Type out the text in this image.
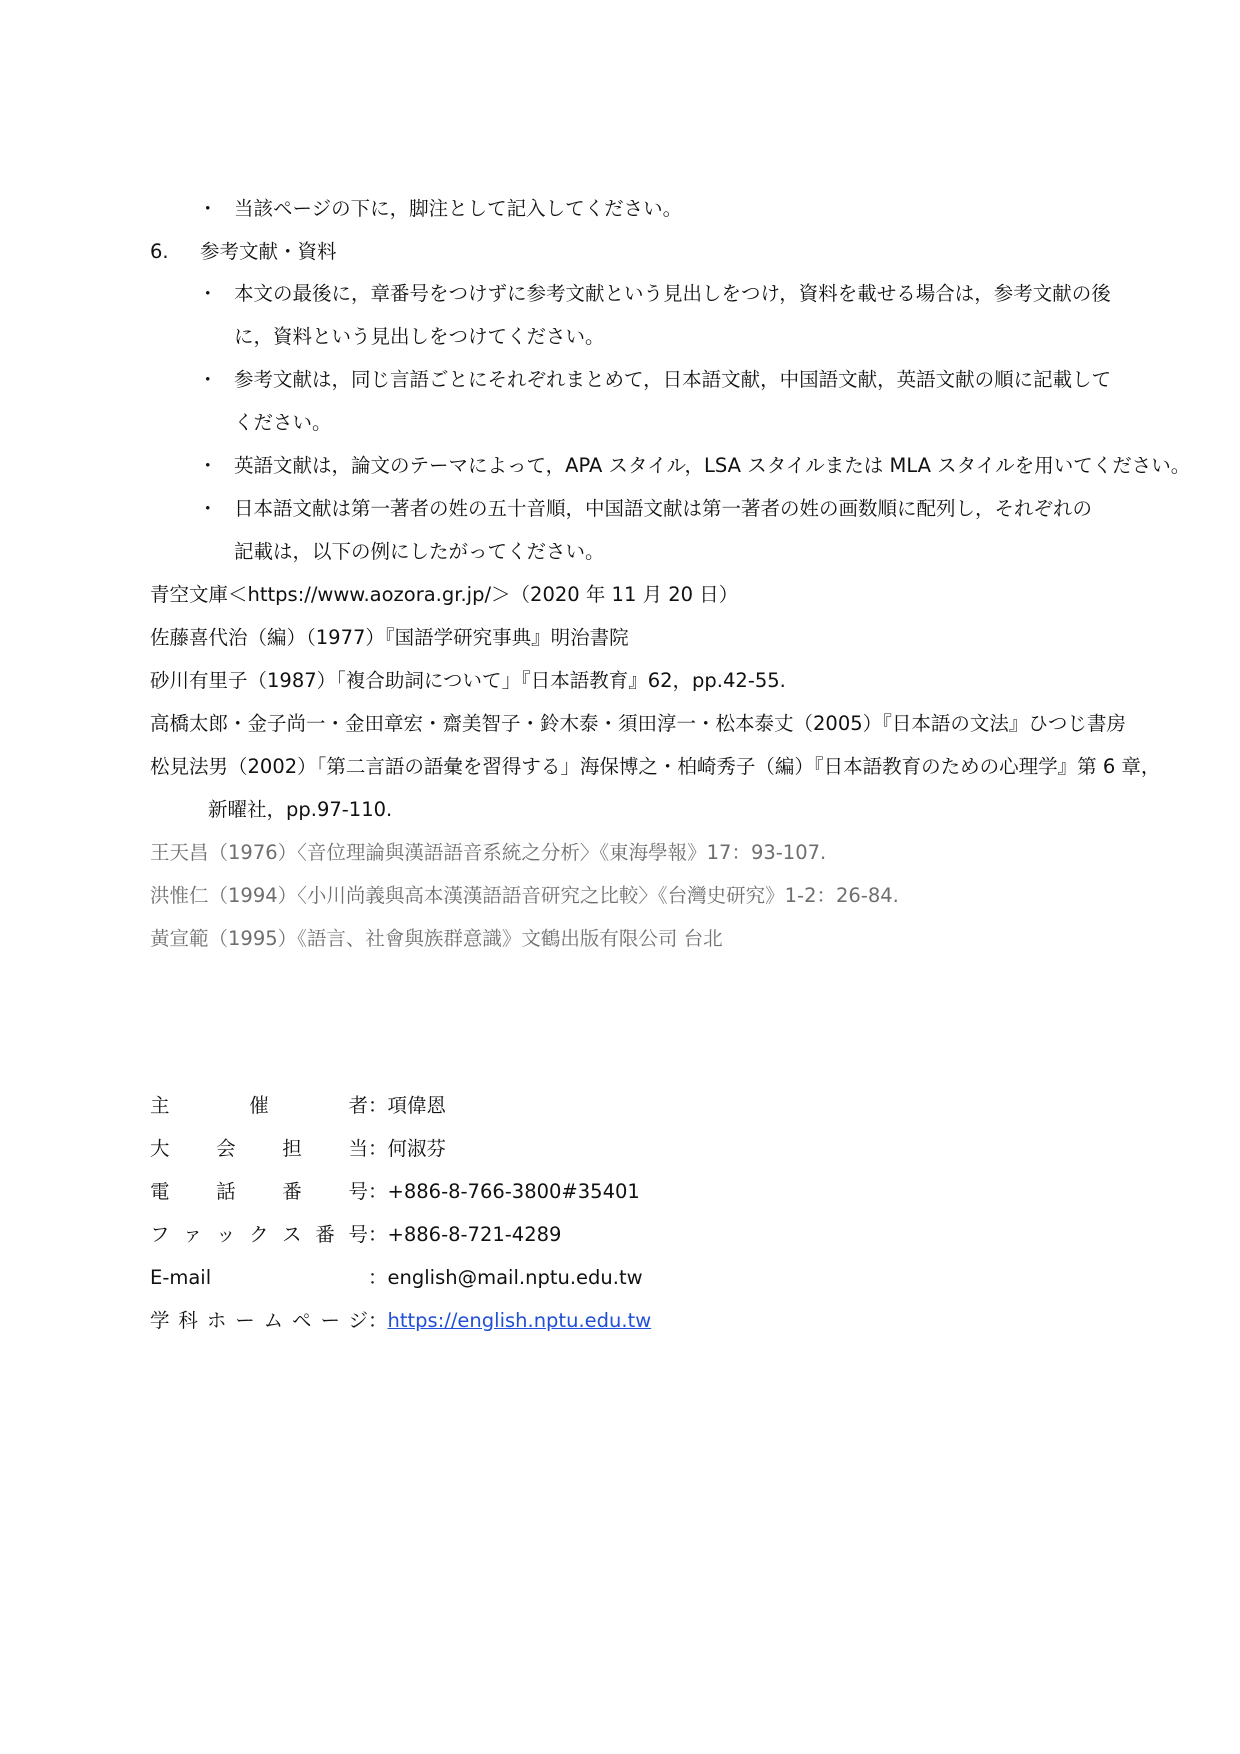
・ 当該ページの下に，脚注として記入してください。
6. 参考文献・資料
・ 本文の最後に，章番号をつけずに参考文献という見出しをつけ，資料を載せる場合は，参考文献の後
に，資料という見出しをつけてください。
・ 参考文献は，同じ言語ごとにそれぞれまとめて，日本語文献，中国語文献，英語文献の順に記載して
ください。
・ 英語文献は，論文のテーマによって，APA スタイル，LSA スタイルまたは MLA スタイルを用いてください。
・ 日本語文献は第一著者の姓の五十音順，中国語文献は第一著者の姓の画数順に配列し，それぞれの
記載は，以下の例にしたがってください。
青空文庫＜https://www.aozora.gr.jp/＞（2020 年 11 月 20 日）
佐藤喜代治（編）（1977）『国語学研究事典』明治書院
砂川有里子（1987）「複合助詞について」『日本語教育』62，pp.42-55.
高橋太郎・金子尚一・金田章宏・齋美智子・鈴木泰・須田淳一・松本泰丈（2005）『日本語の文法』ひつじ書房
松見法男（2002）「第二言語の語彙を習得する」海保博之・柏崎秀子（編）『日本語教育のための心理学』第 6 章，
新曜社，pp.97-110.
王天昌（1976）〈音位理論與漢語語音系統之分析〉《東海學報》17：93-107.
洪惟仁（1994）〈小川尚義與高本漢漢語語音研究之比較〉《台灣史研究》1-2：26-84.
黃宣範（1995）《語言、社會與族群意識》文鶴出版有限公司 台北
主催者：項偉恩
大会担当：何淑芬
電話番号：+886-8-766-3800#35401
ファックス番号：+886-8-721-4289
E-mail	：english@mail.nptu.edu.tw
学科ホームページ：https://english.nptu.edu.tw
